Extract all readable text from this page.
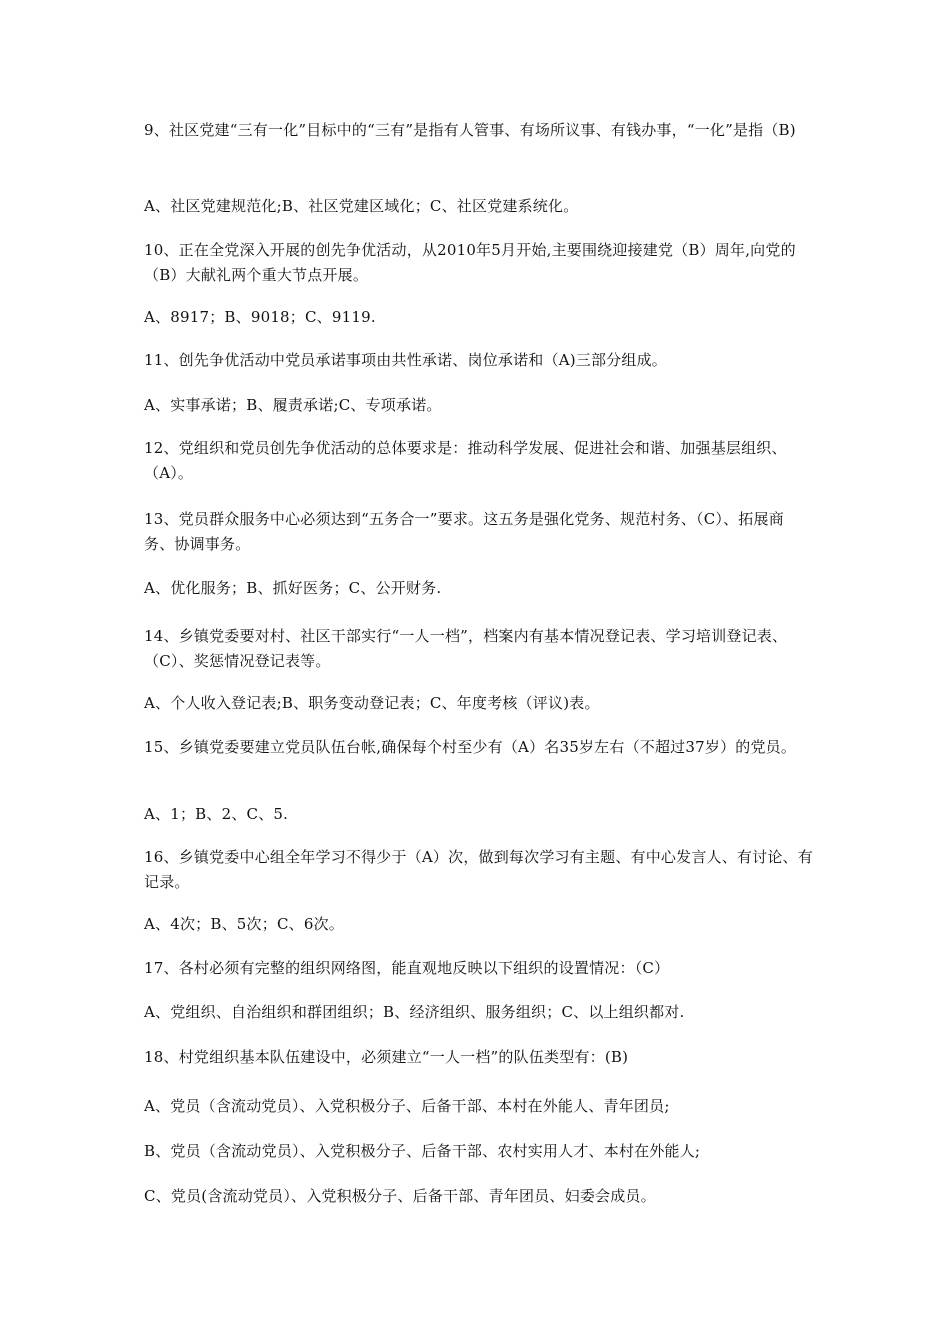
9、社区党建“三有一化”目标中的“三有”是指有人管事、有场所议事、有钱办事，“一化”是指（B)

A、社区党建规范化;B、社区党建区域化；C、社区党建系统化。

10、正在全党深入开展的创先争优活动，从2010年5月开始,主要围绕迎接建党（B）周年,向党的（B）大献礼两个重大节点开展。

A、8917；B、9018；C、9119.

11、创先争优活动中党员承诺事项由共性承诺、岗位承诺和（A)三部分组成。

A、实事承诺；B、履责承诺;C、专项承诺。

12、党组织和党员创先争优活动的总体要求是：推动科学发展、促进社会和谐、加强基层组织、（A）。

13、党员群众服务中心必须达到“五务合一”要求。这五务是强化党务、规范村务、（C）、拓展商务、协调事务。

A、优化服务；B、抓好医务；C、公开财务.

14、乡镇党委要对村、社区干部实行“一人一档”，档案内有基本情况登记表、学习培训登记表、（C）、奖惩情况登记表等。

A、个人收入登记表;B、职务变动登记表；C、年度考核（评议)表。

15、乡镇党委要建立党员队伍台帐,确保每个村至少有（A）名35岁左右（不超过37岁）的党员。

A、1；B、2、C、5.

16、乡镇党委中心组全年学习不得少于（A）次，做到每次学习有主题、有中心发言人、有讨论、有记录。

A、4次；B、5次；C、6次。

17、各村必须有完整的组织网络图，能直观地反映以下组织的设置情况：（C）

A、党组织、自治组织和群团组织；B、经济组织、服务组织；C、以上组织都对.

18、村党组织基本队伍建设中，必须建立“一人一档”的队伍类型有：(B)

A、党员（含流动党员）、入党积极分子、后备干部、本村在外能人、青年团员;

B、党员（含流动党员）、入党积极分子、后备干部、农村实用人才、本村在外能人;

C、党员(含流动党员）、入党积极分子、后备干部、青年团员、妇委会成员。
